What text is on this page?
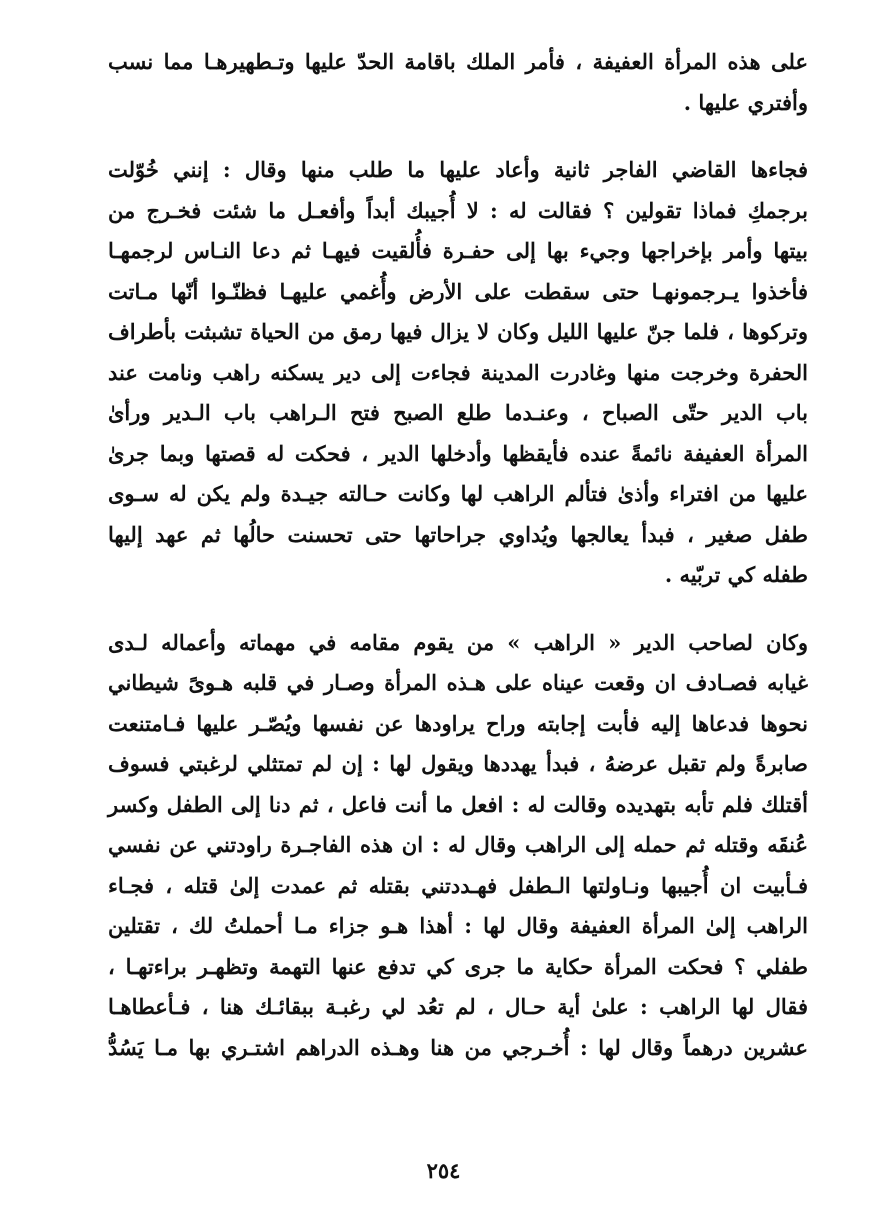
على هذه المرأة العفيفة ، فأمر الملك باقامة الحدّ عليها وتـطهيرهـا مما نسب
وأفتري عليها .
فجاءها القاضي الفاجر ثانية وأعاد عليها ما طلب منها وقال : إنني خُوّلت
برجمكِ فماذا تقولين ؟ فقالت له : لا أُجيبك أبداً وأفعـل ما شئت فخـرج من
بيتها وأمر بإخراجها وجيء بها إلى حفـرة فأُلقيت فيهـا ثم دعا النـاس لرجمهـا
فأخذوا يـرجمونهـا حتى سقطت على الأرض وأُغمي عليهـا فظنّـوا أنّها مـاتت
وتركوها ، فلما جنّ عليها الليل وكان لا يزال فيها رمق من الحياة تشبثت بأطراف
الحفرة وخرجت منها وغادرت المدينة فجاءت إلى دير يسكنه راهب ونامت عند
باب الدير حتّى الصباح ، وعنـدما طلع الصبح فتح الـراهب باب الـدير ورأىٰ
المرأة العفيفة نائمةً عنده فأيقظها وأدخلها الدير ، فحكت له قصتها وبما جرىٰ
عليها من افتراء وأذىٰ فتألم الراهب لها وكانت حـالته جيـدة ولم يكن له سـوى
طفل صغير ، فبدأ يعالجها ويُداوي جراحاتها حتى تحسنت حالُها ثم عهد إليها
طفله كي تربّيه .
وكان لصاحب الدير « الراهب » من يقوم مقامه في مهماته وأعماله لـدى
غيابه فصـادف ان وقعت عيناه على هـذه المرأة وصـار في قلبه هـوىً شيطاني
نحوها فدعاها إليه فأبت إجابته وراح يراودها عن نفسها ويُصّـر عليها فـامتنعت
صابرةً ولم تقبل عرضهُ ، فبدأ يهددها ويقول لها : إن لم تمتثلي لرغبتي فسوف
أقتلك فلم تأبه بتهديده وقالت له : افعل ما أنت فاعل ، ثم دنا إلى الطفل وكسر
عُنقَه وقتله ثم حمله إلى الراهب وقال له : ان هذه الفاجـرة راودتني عن نفسي
فـأبيت ان أُجيبها ونـاولتها الـطفل فهـددتني بقتله ثم عمدت إلىٰ قتله ، فجـاء
الراهب إلىٰ المرأة العفيفة وقال لها : أهذا هـو جزاء مـا أحملتُ لك ، تقتلين
طفلي ؟ فحكت المرأة حكاية ما جرى كي تدفع عنها التهمة وتظهـر براءتهـا ،
فقال لها الراهب : علىٰ أية حـال ، لم تعُد لي رغبـة ببقائـك هنا ، فـأعطاهـا
عشرين درهماً وقال لها : أُخـرجي من هنا وهـذه الدراهم اشتـري بها مـا يَسُدُّ
٢٥٤
